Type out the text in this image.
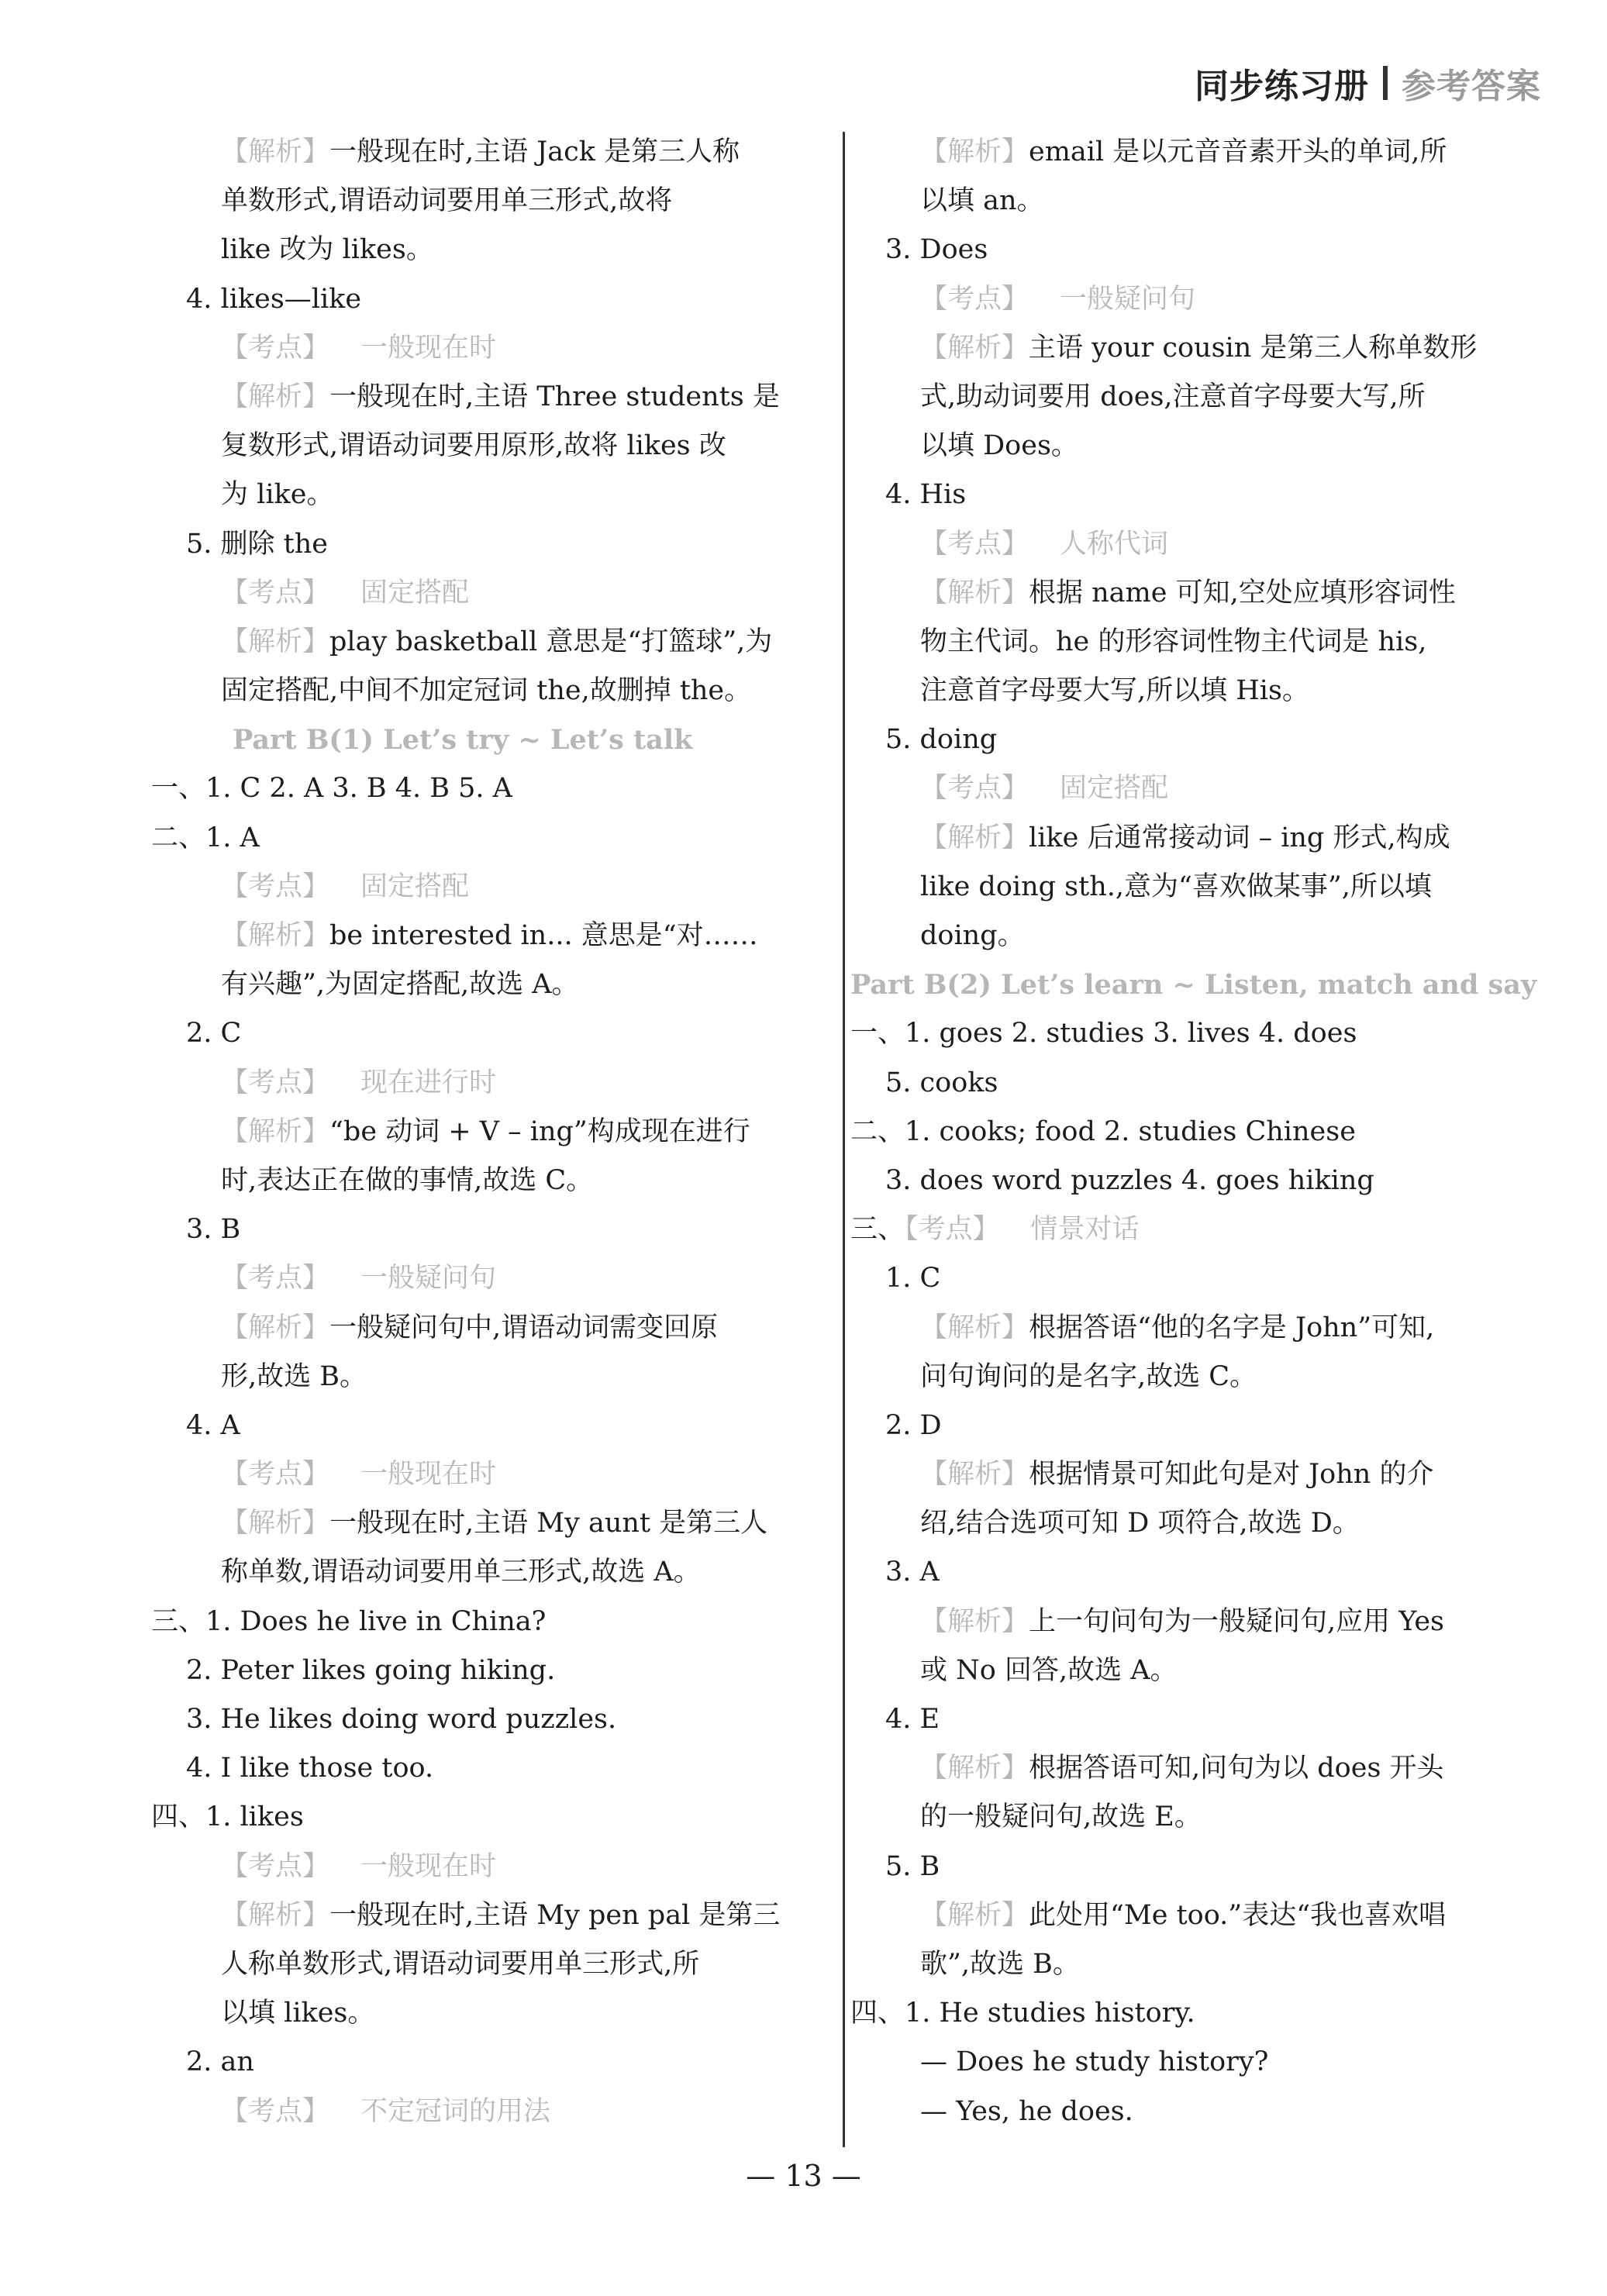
同步练习册 参考答案
【解析】一般现在时,主语 Jack 是第三人称
单数形式,谓语动词要用单三形式,故将
like 改为 likes。
4. likes—like
【考点】 一般现在时
【解析】一般现在时,主语 Three students 是
复数形式,谓语动词要用原形,故将 likes 改
为 like。
5. 删除 the
【考点】 固定搭配
【解析】play basketball 意思是“打篮球”,为
固定搭配,中间不加定冠词 the,故删掉 the。
Part B(1) Let’s try ~ Let’s talk
一、1. C 2. A 3. B 4. B 5. A
二、1. A
【考点】 固定搭配
【解析】be interested in... 意思是“对……
有兴趣”,为固定搭配,故选 A。
2. C
【考点】 现在进行时
【解析】“be 动词 + V – ing”构成现在进行
时,表达正在做的事情,故选 C。
3. B
【考点】 一般疑问句
【解析】一般疑问句中,谓语动词需变回原
形,故选 B。
4. A
【考点】 一般现在时
【解析】一般现在时,主语 My aunt 是第三人
称单数,谓语动词要用单三形式,故选 A。
三、1. Does he live in China?
2. Peter likes going hiking.
3. He likes doing word puzzles.
4. I like those too.
四、1. likes
【考点】 一般现在时
【解析】一般现在时,主语 My pen pal 是第三
人称单数形式,谓语动词要用单三形式,所
以填 likes。
2. an
【考点】 不定冠词的用法
【解析】email 是以元音音素开头的单词,所
以填 an。
3. Does
【考点】 一般疑问句
【解析】主语 your cousin 是第三人称单数形
式,助动词要用 does,注意首字母要大写,所
以填 Does。
4. His
【考点】 人称代词
【解析】根据 name 可知,空处应填形容词性
物主代词。he 的形容词性物主代词是 his,
注意首字母要大写,所以填 His。
5. doing
【考点】 固定搭配
【解析】like 后通常接动词 – ing 形式,构成
like doing sth.,意为“喜欢做某事”,所以填
doing。
Part B(2) Let’s learn ~ Listen, match and say
一、1. goes 2. studies 3. lives 4. does
5. cooks
二、1. cooks; food 2. studies Chinese
3. does word puzzles 4. goes hiking
三、【考点】 情景对话
1. C
【解析】根据答语“他的名字是 John”可知,
问句询问的是名字,故选 C。
2. D
【解析】根据情景可知此句是对 John 的介
绍,结合选项可知 D 项符合,故选 D。
3. A
【解析】上一句问句为一般疑问句,应用 Yes
或 No 回答,故选 A。
4. E
【解析】根据答语可知,问句为以 does 开头
的一般疑问句,故选 E。
5. B
【解析】此处用“Me too.”表达“我也喜欢唱
歌”,故选 B。
四、1. He studies history.
— Does he study history?
— Yes, he does.
— 13 —
